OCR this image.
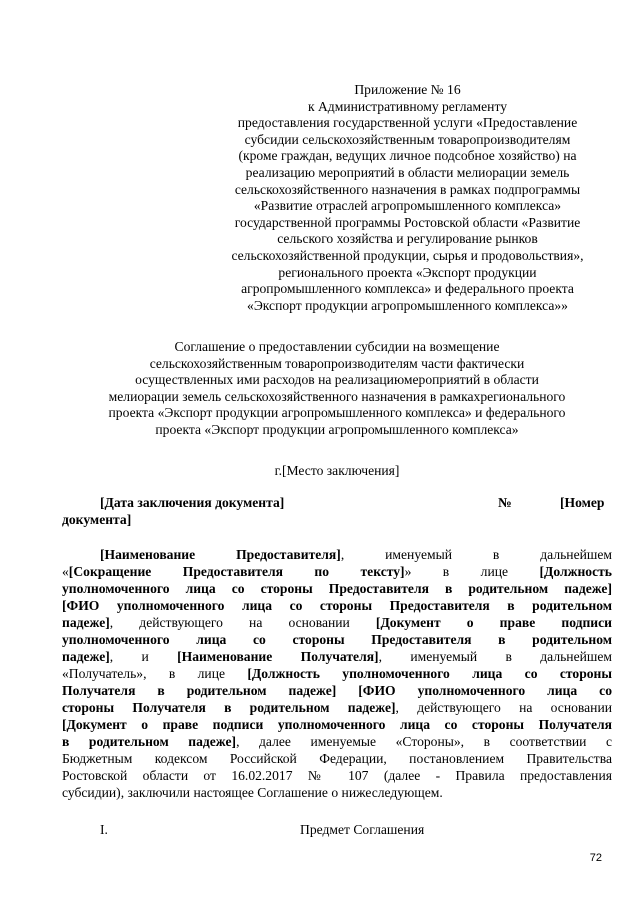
Приложение № 16
к Административному регламенту
предоставления государственной услуги «Предоставление
субсидии сельскохозяйственным товаропроизводителям
(кроме граждан, ведущих личное подсобное хозяйство) на
реализацию мероприятий в области мелиорации земель
сельскохозяйственного назначения в рамках подпрограммы
«Развитие отраслей агропромышленного комплекса»
государственной программы Ростовской области «Развитие
сельского хозяйства и регулирование рынков
сельскохозяйственной продукции, сырья и продовольствия»,
регионального проекта «Экспорт продукции
агропромышленного комплекса» и федерального проекта
«Экспорт продукции агропромышленного комплекса»»
Соглашение о предоставлении субсидии на возмещение
сельскохозяйственным товаропроизводителям части фактически
осуществленных ими расходов на реализациюмероприятий в области
мелиорации земель сельскохозяйственного назначения в рамкахрегионального
проекта «Экспорт продукции агропромышленного комплекса» и федерального
проекта «Экспорт продукции агропромышленного комплекса»
г.[Место заключения]
[Дата заключения документа]	№	[Номер
документа]
[Наименование Предоставителя], именуемый в дальнейшем
«[Сокращение Предоставителя по тексту]» в лице [Должность
уполномоченного лица со стороны Предоставителя в родительном падеже]
[ФИО уполномоченного лица со стороны Предоставителя в родительном
падеже], действующего на основании [Документ о праве подписи
уполномоченного лица со стороны Предоставителя в родительном
падеже], и [Наименование Получателя], именуемый в дальнейшем
«Получатель», в лице [Должность уполномоченного лица со стороны
Получателя в родительном падеже] [ФИО уполномоченного лица со
стороны Получателя в родительном падеже], действующего на основании
[Документ о праве подписи уполномоченного лица со стороны Получателя
в родительном падеже], далее именуемые «Стороны», в соответствии с
Бюджетным кодексом Российской Федерации, постановлением Правительства
Ростовской области от 16.02.2017 № 107 (далее - Правила предоставления
субсидии), заключили настоящее Соглашение о нижеследующем.
I.	Предмет Соглашения
72
